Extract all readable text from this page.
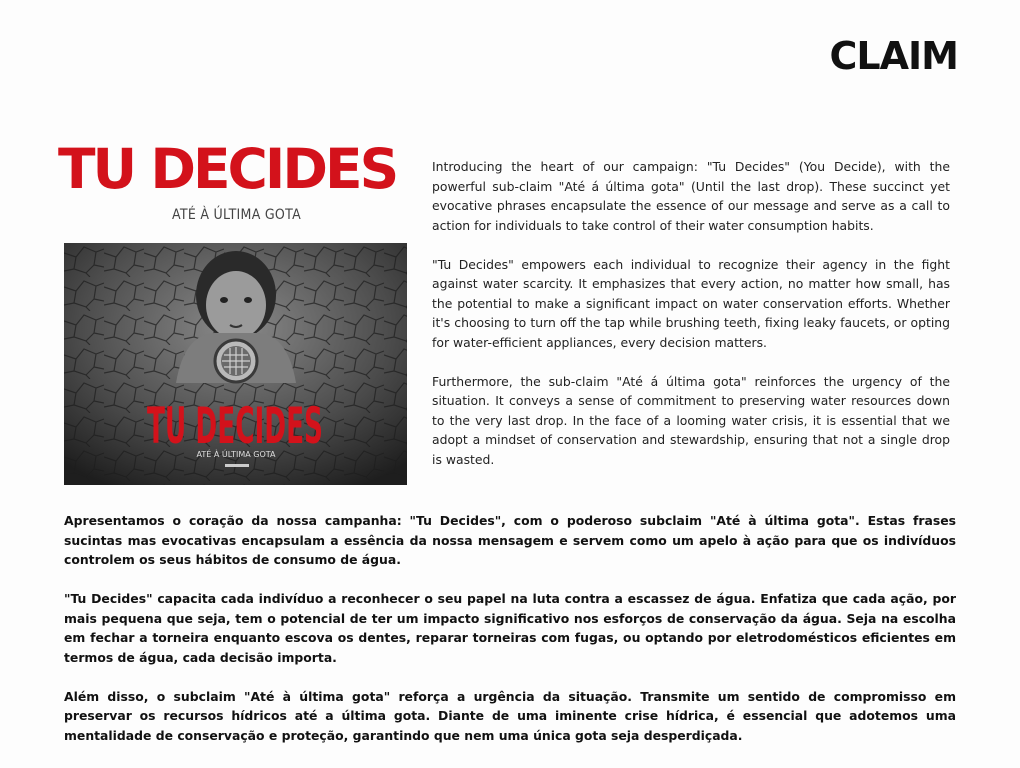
CLAIM
TU DECIDES
ATÉ À ÚLTIMA GOTA
TU DECIDES
ATÉ À ÚLTIMA GOTA

Introducing the heart of our campaign: "Tu Decides" (You Decide), with the powerful sub-claim "Até á última gota" (Until the last drop). These succinct yet evocative phrases encapsulate the essence of our message and serve as a call to action for individuals to take control of their water consumption habits.

"Tu Decides" empowers each individual to recognize their agency in the fight against water scarcity. It emphasizes that every action, no matter how small, has the potential to make a significant impact on water conservation efforts. Whether it's choosing to turn off the tap while brushing teeth, fixing leaky faucets, or opting for water-efficient appliances, every decision matters.

Furthermore, the sub-claim "Até á última gota" reinforces the urgency of the situation. It conveys a sense of commitment to preserving water resources down to the very last drop. In the face of a looming water crisis, it is essential that we adopt a mindset of conservation and stewardship, ensuring that not a single drop is wasted.

Apresentamos o coração da nossa campanha: "Tu Decides", com o poderoso subclaim "Até à última gota". Estas frases sucintas mas evocativas encapsulam a essência da nossa mensagem e servem como um apelo à ação para que os indivíduos controlem os seus hábitos de consumo de água.

"Tu Decides" capacita cada indivíduo a reconhecer o seu papel na luta contra a escassez de água. Enfatiza que cada ação, por mais pequena que seja, tem o potencial de ter um impacto significativo nos esforços de conservação da água. Seja na escolha em fechar a torneira enquanto escova os dentes, reparar torneiras com fugas, ou optando por eletrodomésticos eficientes em termos de água, cada decisão importa.

Além disso, o subclaim "Até à última gota" reforça a urgência da situação. Transmite um sentido de compromisso em preservar os recursos hídricos até a última gota. Diante de uma iminente crise hídrica, é essencial que adotemos uma mentalidade de conservação e proteção, garantindo que nem uma única gota seja desperdiçada.
